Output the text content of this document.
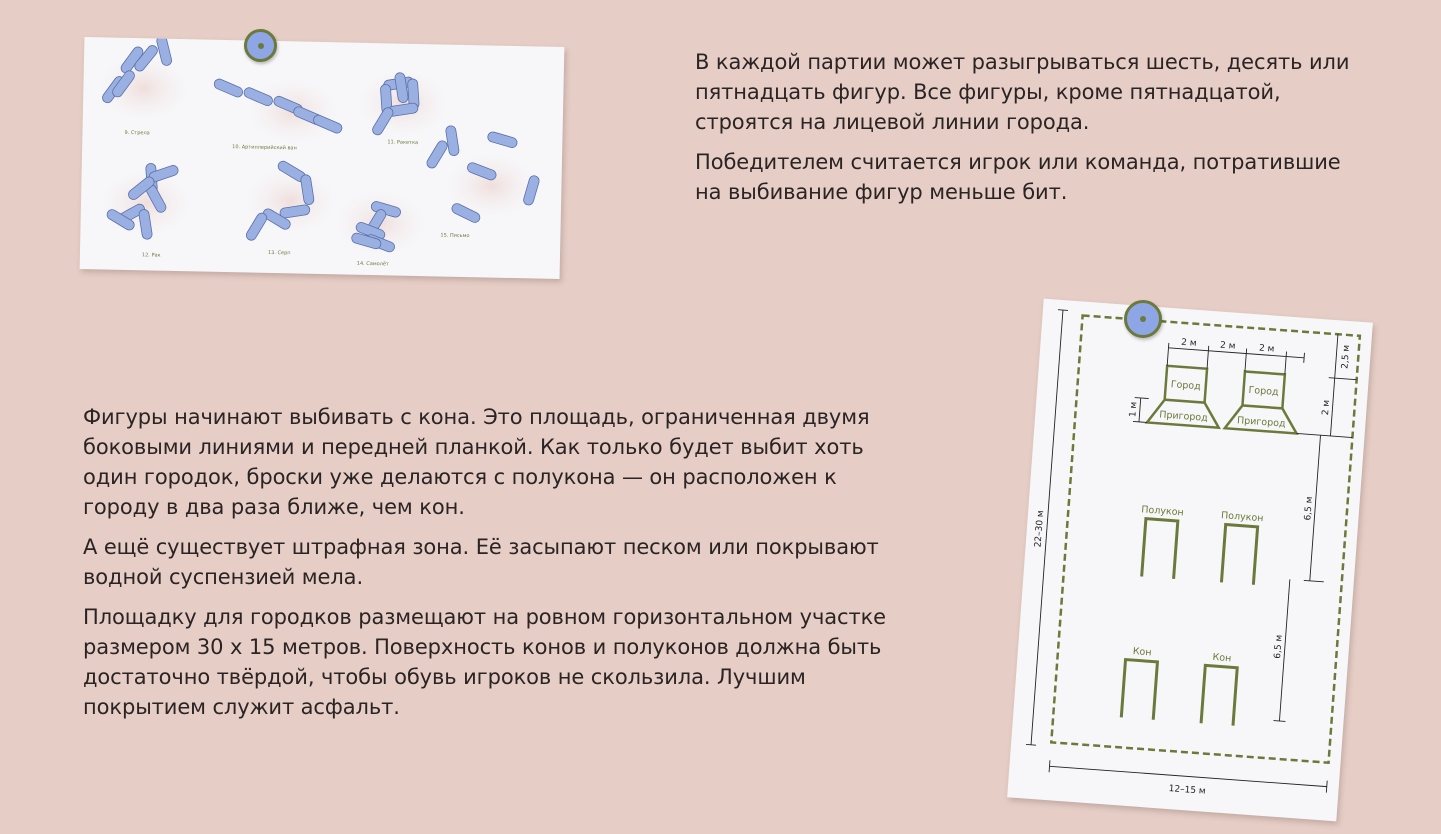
В каждой партии может разыгрываться шесть, десять или пятнадцать фигур. Все фигуры, кроме пятнадцатой, строятся на лицевой линии города.

Победителем считается игрок или команда, потратившие на выбивание фигур меньше бит.

Фигуры начинают выбивать с кона. Это площадь, ограниченная двумя боковыми линиями и передней планкой. Как только будет выбит хоть один городок, броски уже делаются с полукона — он расположен к городу в два раза ближе, чем кон.

А ещё существует штрафная зона. Её засыпают песком или покрывают водной суспензией мела.

Площадку для городков размещают на ровном горизонтальном участке размером 30 х 15 метров. Поверхность конов и полуконов должна быть достаточно твёрдой, чтобы обувь игроков не скользила. Лучшим покрытием служит асфальт.

9. Стрела
10. Артиллерийский ван
11. Ракетка
12. Рак	13. Серп
14. Самолёт
15. Письмо
22–30 м
12–15 м
2 м	2 м	2 м	2,5 м
2 м
1 м
6,5 м
6,5 м
Город	Город
Пригород	Пригород
Полукон	Полукон
Кон	Кон
